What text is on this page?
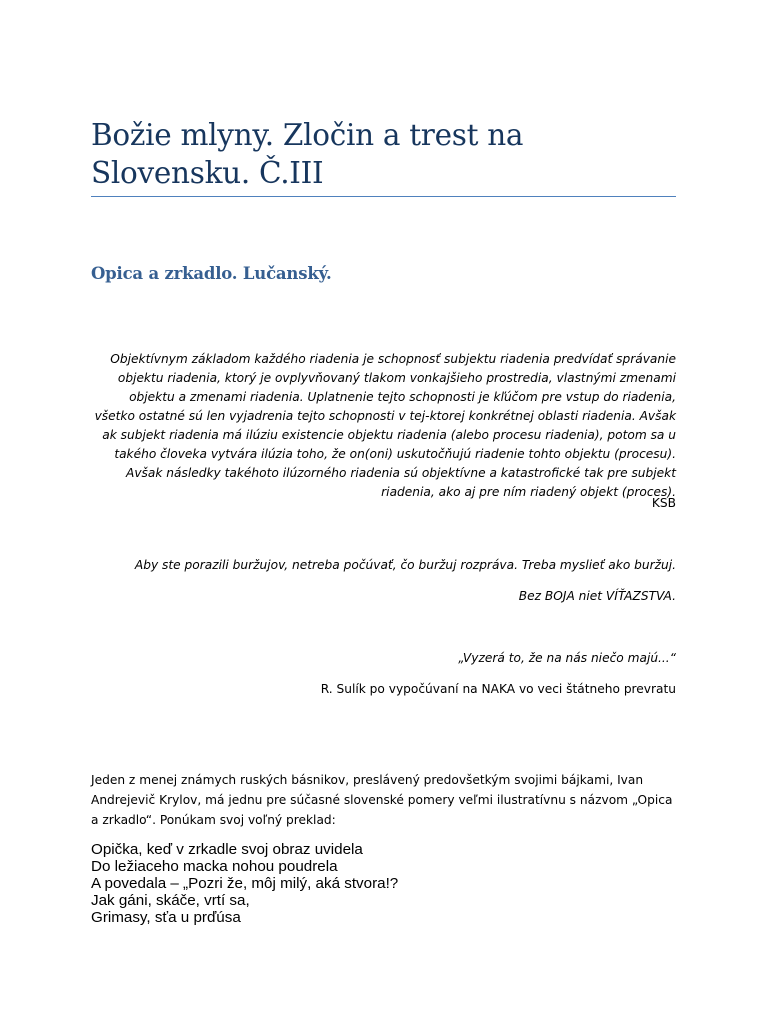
Božie mlyny. Zločin a trest na Slovensku. Č.III
Opica a zrkadlo. Lučanský.

Objektívnym základom každého riadenia je schopnosť subjektu riadenia predvídať správanie objektu riadenia, ktorý je ovplyvňovaný tlakom vonkajšieho prostredia, vlastnými zmenami objektu a zmenami riadenia. Uplatnenie tejto schopnosti je kľúčom pre vstup do riadenia, všetko ostatné sú len vyjadrenia tejto schopnosti v tej-ktorej konkrétnej oblasti riadenia. Avšak ak subjekt riadenia má ilúziu existencie objektu riadenia (alebo procesu riadenia), potom sa u takého človeka vytvára ilúzia toho, že on(oni) uskutočňujú riadenie tohto objektu (procesu). Avšak následky takéhoto ilúzorného riadenia sú objektívne a katastrofické tak pre subjekt riadenia, ako aj pre ním riadený objekt (proces).

KSB

Aby ste porazili buržujov, netreba počúvať, čo buržuj rozpráva. Treba myslieť ako buržuj.

Bez BOJA niet VÍŤAZSTVA.

„Vyzerá to, že na nás niečo majú...“

R. Sulík po vypočúvaní na NAKA vo veci štátneho prevratu

Jeden z menej známych ruských básnikov, preslávený predovšetkým svojimi bájkami, Ivan Andrejevič Krylov, má jednu pre súčasné slovenské pomery veľmi ilustratívnu s názvom „Opica a zrkadlo“. Ponúkam svoj voľný preklad:

Opička, keď v zrkadle svoj obraz uvidela
Do ležiaceho macka nohou poudrela
A povedala – „Pozri že, môj milý, aká stvora!?
Jak gáni, skáče, vrtí sa,
Grimasy, sťa u prďúsa
